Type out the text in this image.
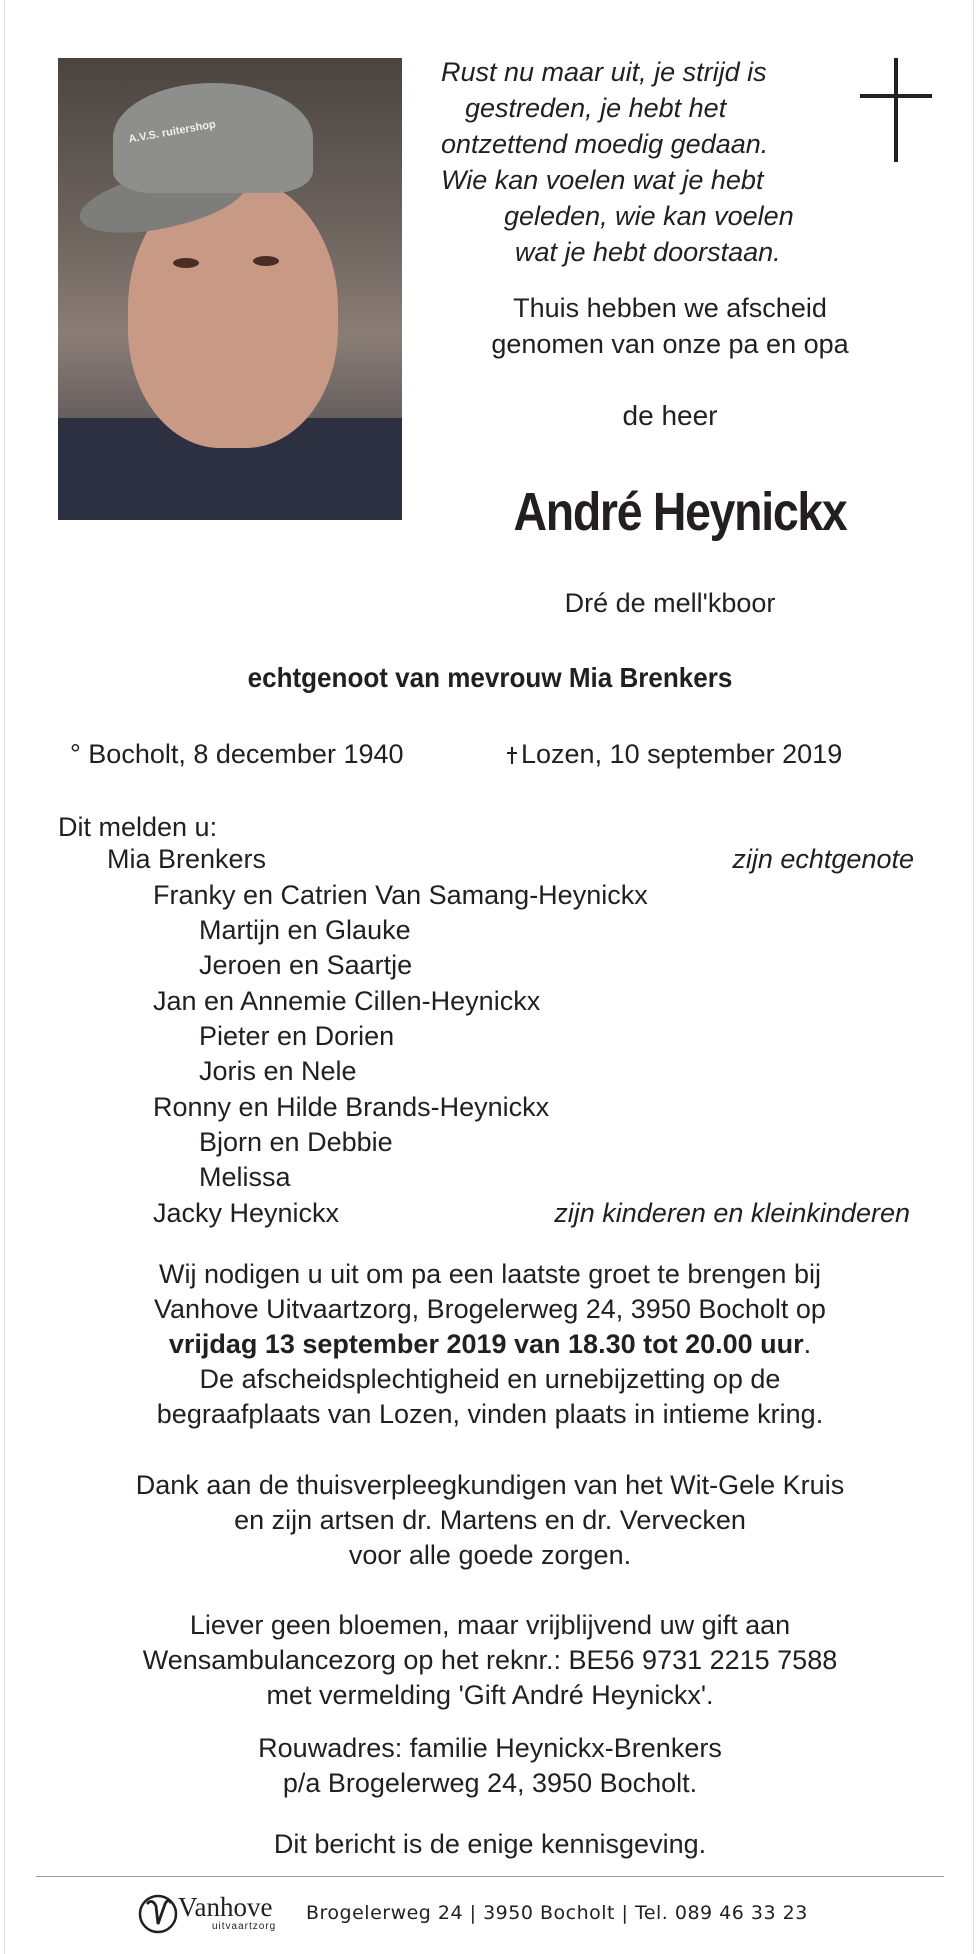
A.V.S. ruitershop
Rust nu maar uit, je strijd is
gestreden, je hebt het
ontzettend moedig gedaan.
Wie kan voelen wat je hebt
geleden, wie kan voelen
wat je hebt doorstaan.
Thuis hebben we afscheid
genomen van onze pa en opa
de heer
André Heynickx
Dré de mell'kboor
echtgenoot van mevrouw Mia Brenkers
° Bocholt, 8 december 1940	Lozen, 10 september 2019
Dit melden u:
Mia Brenkers	zijn echtgenote
Franky en Catrien Van Samang-Heynickx
Martijn en Glauke
Jeroen en Saartje
Jan en Annemie Cillen-Heynickx
Pieter en Dorien
Joris en Nele
Ronny en Hilde Brands-Heynickx
Bjorn en Debbie
Melissa
Jacky Heynickx	zijn kinderen en kleinkinderen
Wij nodigen u uit om pa een laatste groet te brengen bij
Vanhove Uitvaartzorg, Brogelerweg 24, 3950 Bocholt op
vrijdag 13 september 2019 van 18.30 tot 20.00 uur.
De afscheidsplechtigheid en urnebijzetting op de
begraafplaats van Lozen, vinden plaats in intieme kring.
Dank aan de thuisverpleegkundigen van het Wit-Gele Kruis
en zijn artsen dr. Martens en dr. Vervecken
voor alle goede zorgen.
Liever geen bloemen, maar vrijblijvend uw gift aan
Wensambulancezorg op het reknr.: BE56 9731 2215 7588
met vermelding 'Gift André Heynickx'.
Rouwadres: familie Heynickx-Brenkers
p/a Brogelerweg 24, 3950 Bocholt.
Dit bericht is de enige kennisgeving.
Vanhove
uitvaartzorg
Brogelerweg 24 | 3950 Bocholt | Tel. 089 46 33 23
